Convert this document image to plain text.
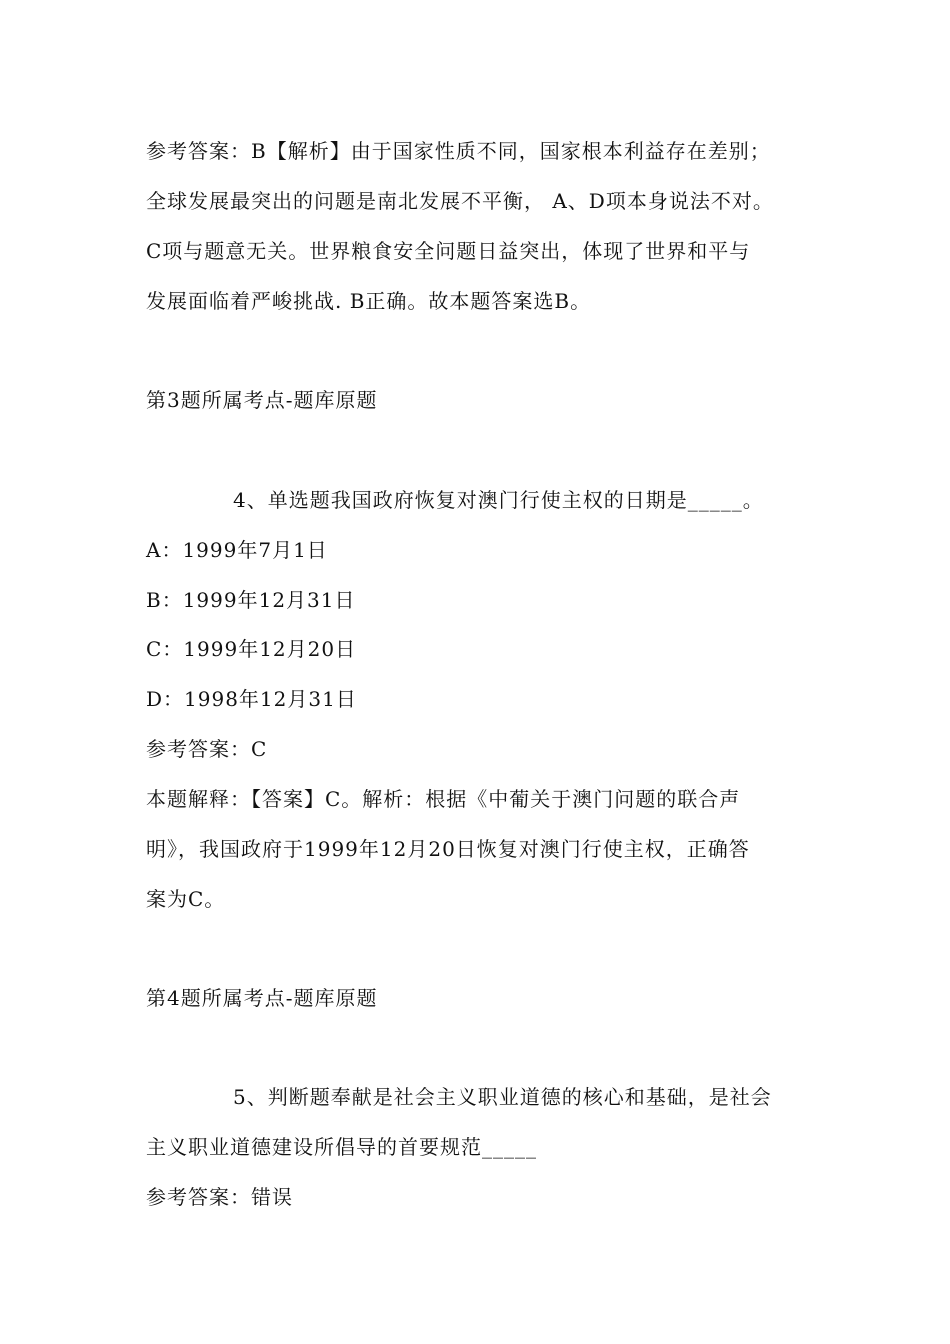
参考答案：B【解析】由于国家性质不同，国家根本利益存在差别；
全球发展最突出的问题是南北发展不平衡， A、D项本身说法不对。
C项与题意无关。世界粮食安全问题日益突出，体现了世界和平与
发展面临着严峻挑战. B正确。故本题答案选B。
第3题所属考点-题库原题
4、单选题我国政府恢复对澳门行使主权的日期是_____。
A：1999年7月1日
B：1999年12月31日
C：1999年12月20日
D：1998年12月31日
参考答案：C
本题解释：【答案】C。解析：根据《中葡关于澳门问题的联合声
明》，我国政府于1999年12月20日恢复对澳门行使主权，正确答
案为C。
第4题所属考点-题库原题
5、判断题奉献是社会主义职业道德的核心和基础，是社会
主义职业道德建设所倡导的首要规范_____
参考答案：错误
